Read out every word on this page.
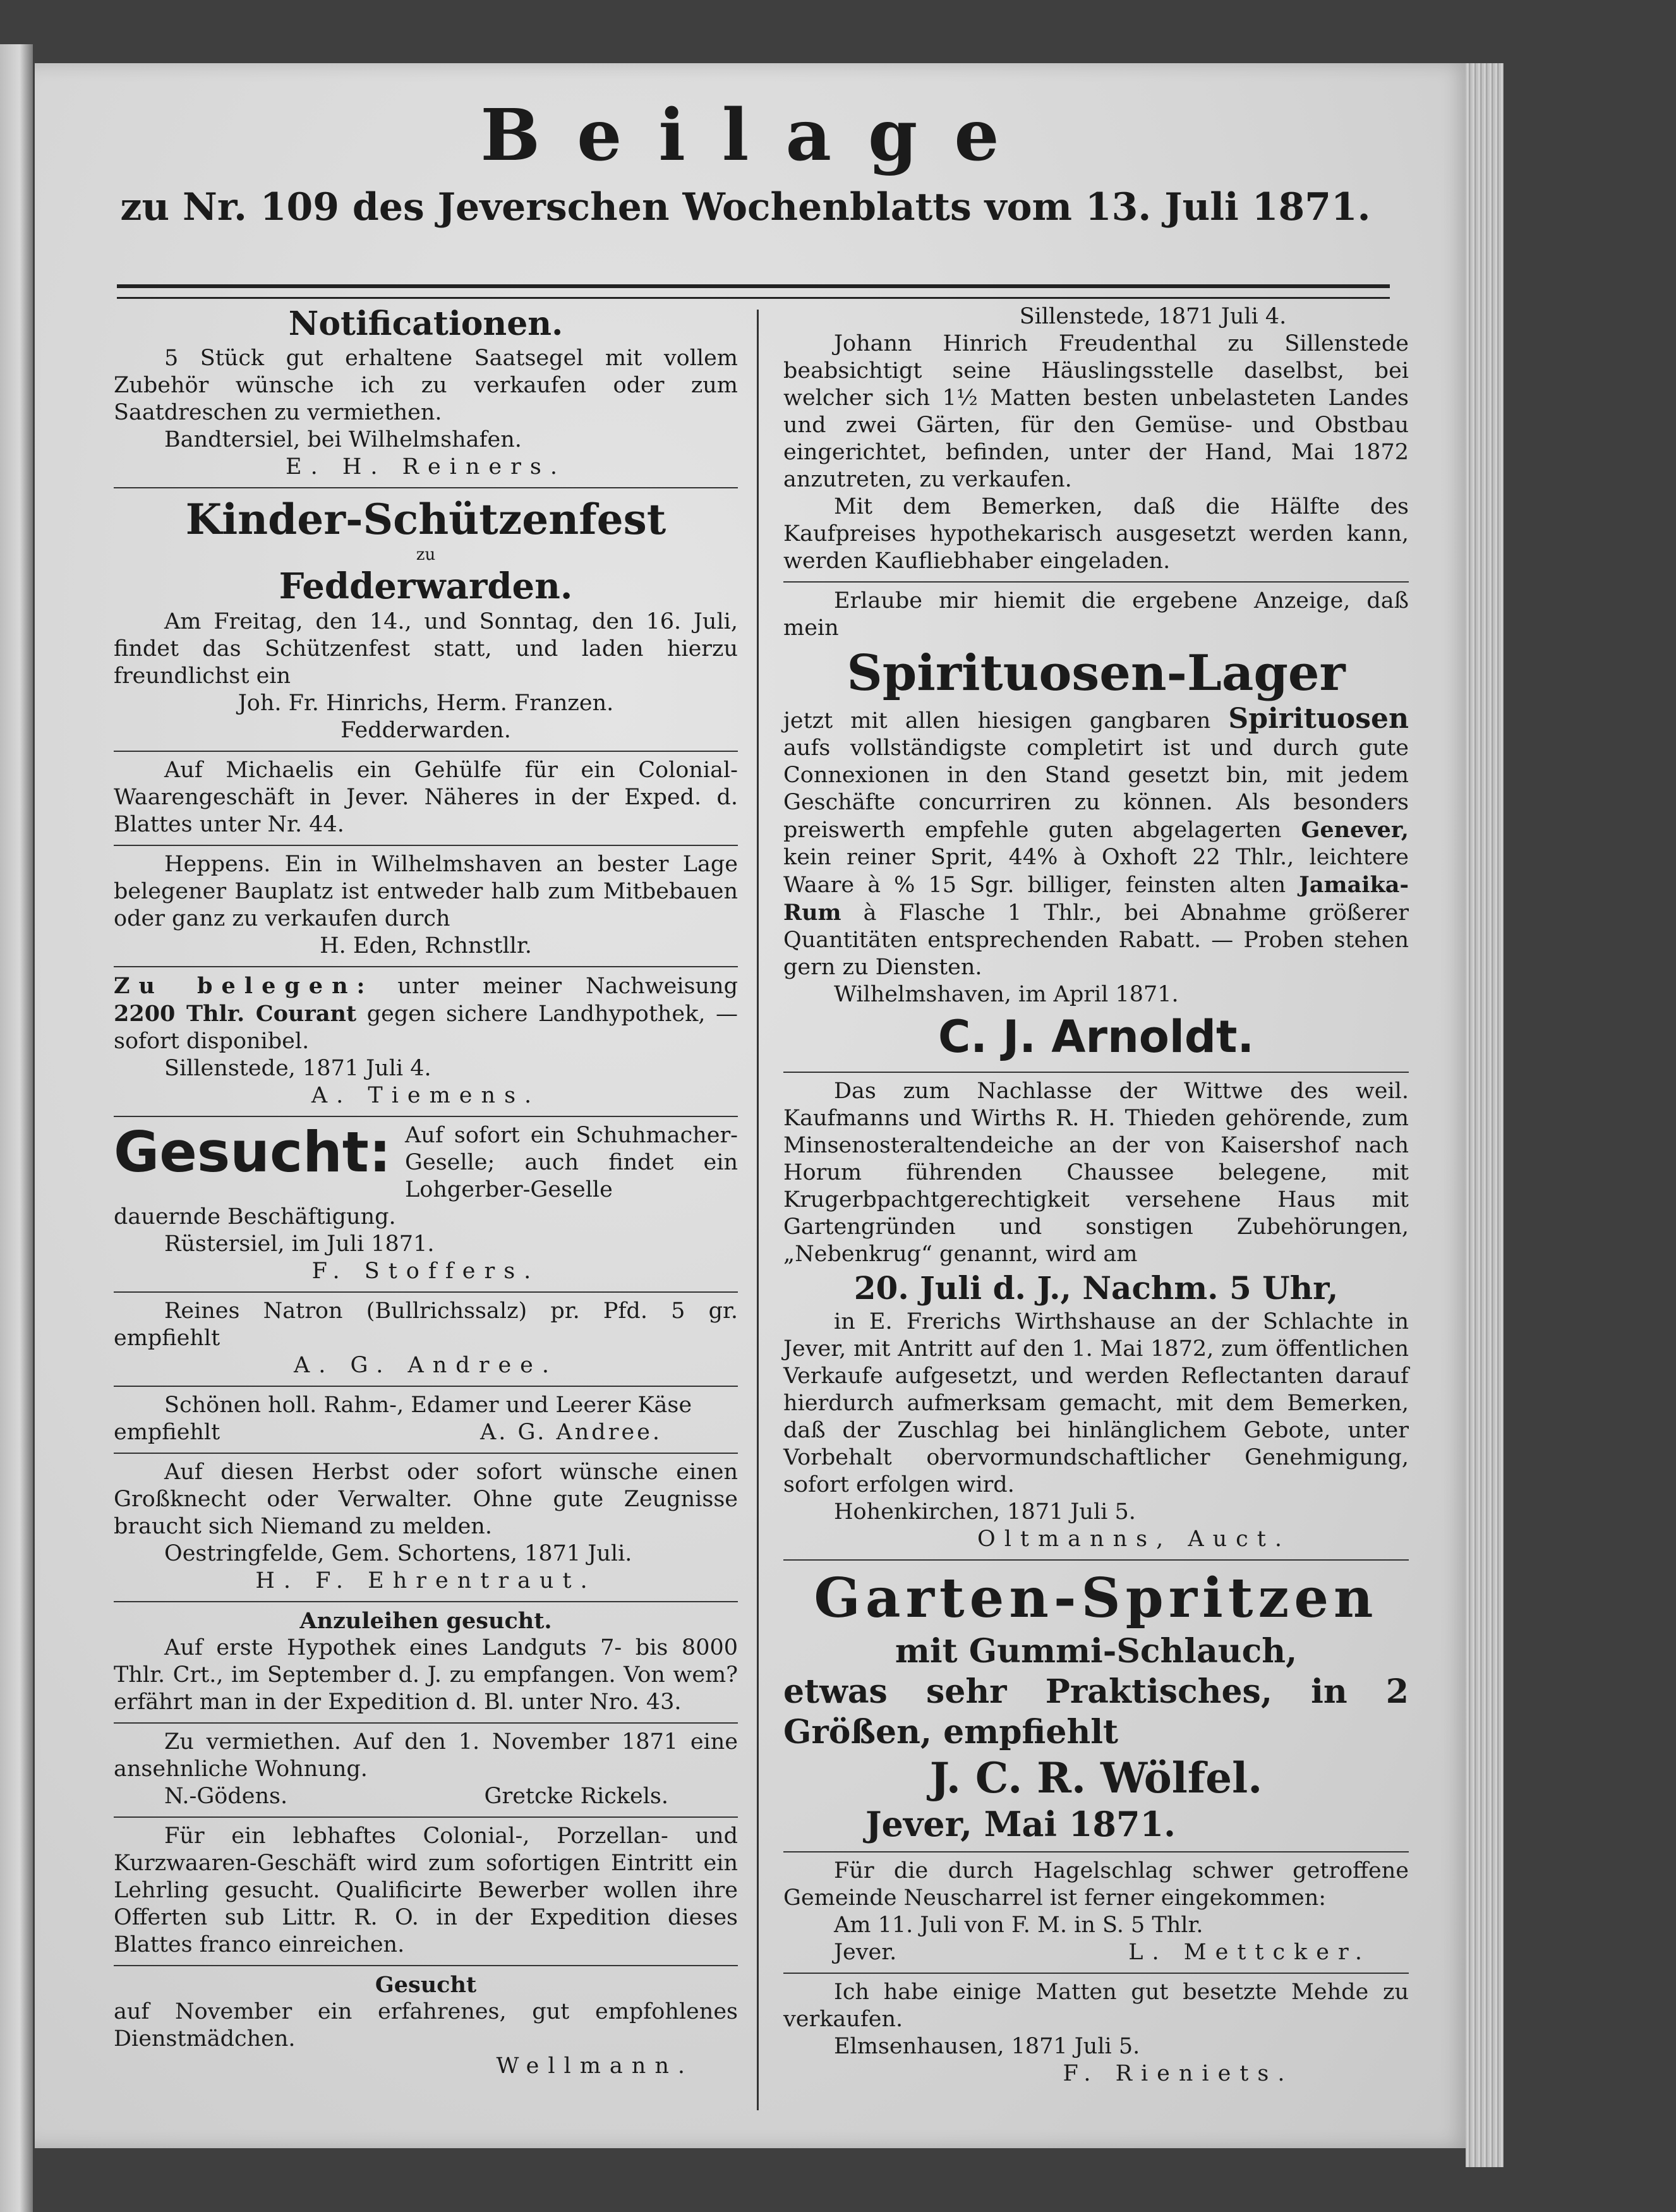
Beilage
zu Nr. 109 des Jeverschen Wochenblatts vom 13. Juli 1871.
Notificationen.

5 Stück gut erhaltene Saatsegel mit vollem Zubehör wünsche ich zu verkaufen oder zum Saatdreschen zu vermiethen.

Bandtersiel, bei Wilhelmshafen.

E. H. Reiners.

Kinder-Schützenfest
zu
Fedderwarden.

Am Freitag, den 14., und Sonntag, den 16. Juli, findet das Schützenfest statt, und laden hierzu freundlichst ein

Joh. Fr. Hinrichs, Herm. Franzen.

Fedderwarden.

Auf Michaelis ein Gehülfe für ein Colonial-Waarengeschäft in Jever. Näheres in der Exped. d. Blattes unter Nr. 44.

Heppens. Ein in Wilhelmshaven an bester Lage belegener Bauplatz ist entweder halb zum Mitbebauen oder ganz zu verkaufen durch

H. Eden, Rchnstllr.

Zu belegen: unter meiner Nachweisung 2200 Thlr. Courant gegen sichere Landhypothek, — sofort disponibel.

Sillenstede, 1871 Juli 4.

A. Tiemens.

Gesucht: Auf sofort ein Schuhmacher-Geselle; auch findet ein Lohgerber-Geselle

dauernde Beschäftigung.

Rüstersiel, im Juli 1871.

F. Stoffers.

Reines Natron (Bullrichssalz) pr. Pfd. 5 gr. empfiehlt

A. G. Andree.

Schönen holl. Rahm-, Edamer und Leerer Käse

empfiehlt	A. G. Andree.

Auf diesen Herbst oder sofort wünsche einen Großknecht oder Verwalter. Ohne gute Zeugnisse braucht sich Niemand zu melden.

Oestringfelde, Gem. Schortens, 1871 Juli.

H. F. Ehrentraut.

Anzuleihen gesucht.

Auf erste Hypothek eines Landguts 7- bis 8000 Thlr. Crt., im September d. J. zu empfangen. Von wem? erfährt man in der Expedition d. Bl. unter Nro. 43.

Zu vermiethen. Auf den 1. November 1871 eine ansehnliche Wohnung.

N.-Gödens.	Gretcke Rickels.

Für ein lebhaftes Colonial-, Porzellan- und Kurzwaaren-Geschäft wird zum sofortigen Eintritt ein Lehrling gesucht. Qualificirte Bewerber wollen ihre Offerten sub Littr. R. O. in der Expedition dieses Blattes franco einreichen.

Gesucht

auf November ein erfahrenes, gut empfohlenes Dienstmädchen.

Wellmann.

Sillenstede, 1871 Juli 4.

Johann Hinrich Freudenthal zu Sillenstede beabsichtigt seine Häuslingsstelle daselbst, bei welcher sich 1½ Matten besten unbelasteten Landes und zwei Gärten, für den Gemüse- und Obstbau eingerichtet, befinden, unter der Hand, Mai 1872 anzutreten, zu verkaufen.

Mit dem Bemerken, daß die Hälfte des Kaufpreises hypothekarisch ausgesetzt werden kann, werden Kaufliebhaber eingeladen.

Erlaube mir hiemit die ergebene Anzeige, daß mein

Spirituosen-Lager

jetzt mit allen hiesigen gangbaren Spirituosen aufs vollständigste completirt ist und durch gute Connexionen in den Stand gesetzt bin, mit jedem Geschäfte concurriren zu können. Als besonders preiswerth empfehle guten abgelagerten Genever, kein reiner Sprit, 44% à Oxhoft 22 Thlr., leichtere Waare à % 15 Sgr. billiger, feinsten alten Jamaika-Rum à Flasche 1 Thlr., bei Abnahme größerer Quantitäten entsprechenden Rabatt. — Proben stehen gern zu Diensten.

Wilhelmshaven, im April 1871.

C. J. Arnoldt.

Das zum Nachlasse der Wittwe des weil. Kaufmanns und Wirths R. H. Thieden gehörende, zum Minsenosteraltendeiche an der von Kaisershof nach Horum führenden Chaussee belegene, mit Krugerbpachtgerechtigkeit versehene Haus mit Gartengründen und sonstigen Zubehörungen, „Nebenkrug“ genannt, wird am

20. Juli d. J., Nachm. 5 Uhr,

in E. Frerichs Wirthshause an der Schlachte in Jever, mit Antritt auf den 1. Mai 1872, zum öffentlichen Verkaufe aufgesetzt, und werden Reflectanten darauf hierdurch aufmerksam gemacht, mit dem Bemerken, daß der Zuschlag bei hinlänglichem Gebote, unter Vorbehalt obervormundschaftlicher Genehmigung, sofort erfolgen wird.

Hohenkirchen, 1871 Juli 5.

Oltmanns, Auct.

Garten-Spritzen
mit Gummi-Schlauch,
etwas sehr Praktisches, in 2 Größen, empfiehlt
J. C. R. Wölfel.
Jever, Mai 1871.

Für die durch Hagelschlag schwer getroffene Gemeinde Neuscharrel ist ferner eingekommen:

Am 11. Juli von F. M. in S. 5 Thlr.

Jever.	L. Mettcker.

Ich habe einige Matten gut besetzte Mehde zu verkaufen.

Elmsenhausen, 1871 Juli 5.

F. Rieniets.
